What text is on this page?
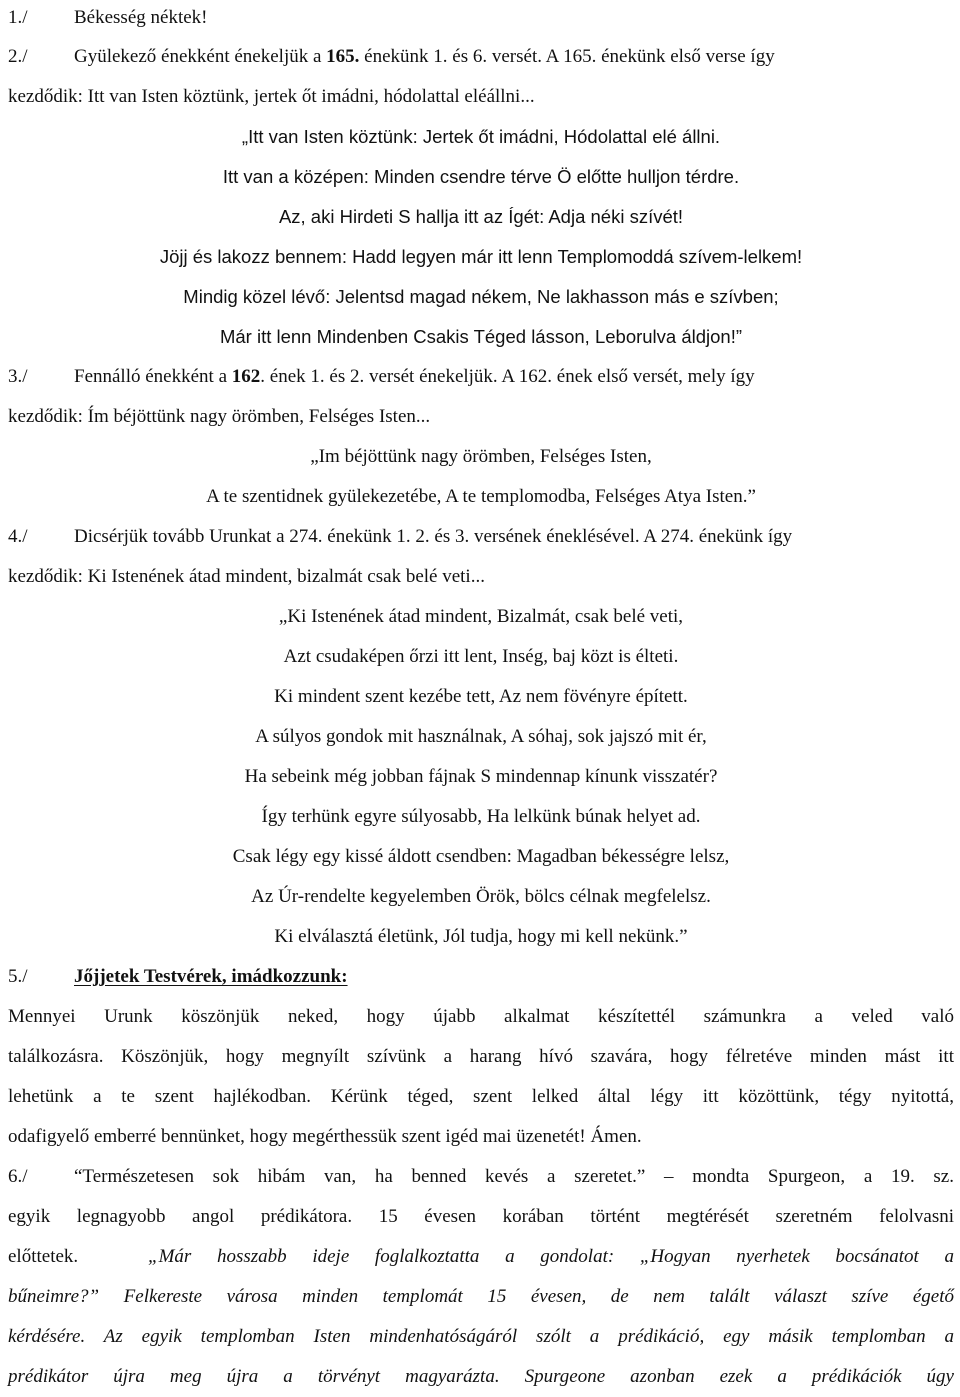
1./ Békesség néktek!
2./	Gyülekező énekként énekeljük a 165. énekünk 1. és 6. versét. A 165. énekünk első verse így
kezdődik: Itt van Isten köztünk, jertek őt imádni, hódolattal eléállni...
„Itt van Isten köztünk: Jertek őt imádni, Hódolattal elé állni.
Itt van a középen: Minden csendre térve Ö előtte hulljon térdre.
Az, aki Hirdeti S hallja itt az Ígét: Adja néki szívét!
Jöjj és lakozz bennem: Hadd legyen már itt lenn Templomoddá szívem-lelkem!
Mindig közel lévő: Jelentsd magad nékem, Ne lakhasson más e szívben;
Már itt lenn Mindenben Csakis Téged lásson, Leborulva áldjon!”
3./ Fennálló énekként a 162. ének 1. és 2. versét énekeljük. A 162. ének első versét, mely így
kezdődik: Ím béjöttünk nagy örömben, Felséges Isten...
„Im béjöttünk nagy örömben, Felséges Isten,
A te szentidnek gyülekezetébe, A te templomodba, Felséges Atya Isten.”
4./ Dicsérjük tovább Urunkat a 274. énekünk 1. 2. és 3. versének éneklésével. A 274. énekünk így
kezdődik: Ki Istenének átad mindent, bizalmát csak belé veti...
„Ki Istenének átad mindent, Bizalmát, csak belé veti,
Azt csudaképen őrzi itt lent, Inség, baj közt is élteti.
Ki mindent szent kezébe tett, Az nem fövényre épített.
A súlyos gondok mit használnak, A sóhaj, sok jajszó mit ér,
Ha sebeink még jobban fájnak S mindennap kínunk visszatér?
Így terhünk egyre súlyosabb, Ha lelkünk búnak helyet ad.
Csak légy egy kissé áldott csendben: Magadban békességre lelsz,
Az Úr-rendelte kegyelemben Örök, bölcs célnak megfelelsz.
Ki elválasztá életünk, Jól tudja, hogy mi kell nekünk.”
5./ Jőjjetek Testvérek, imádkozzunk:
Mennyei Urunk köszönjük neked, hogy újabb alkalmat készítettél számunkra a veled való
találkozásra. Köszönjük, hogy megnyílt szívünk a harang hívó szavára, hogy félretéve minden mást itt
lehetünk a te szent hajlékodban. Kérünk téged, szent lelked által légy itt közöttünk, tégy nyitottá,
odafigyelő emberré bennünket, hogy megérthessük szent igéd mai üzenetét! Ámen.
6./	“Természetesen sok hibám van, ha benned kevés a szeretet.” – mondta Spurgeon, a 19. sz.
egyik legnagyobb angol prédikátora. 15 évesen korában történt megtérését szeretném felolvasni
előttetek.	„Már hosszabb ideje foglalkoztatta a gondolat: „Hogyan nyerhetek bocsánatot a
bűneimre?” Felkereste városa minden templomát 15 évesen, de nem talált választ szíve égető
kérdésére. Az egyik templomban Isten mindenhatóságáról szólt a prédikáció, egy másik templomban a
prédikátor újra meg újra a törvényt magyarázta. Spurgeone azonban ezek a prédikációk úgy
